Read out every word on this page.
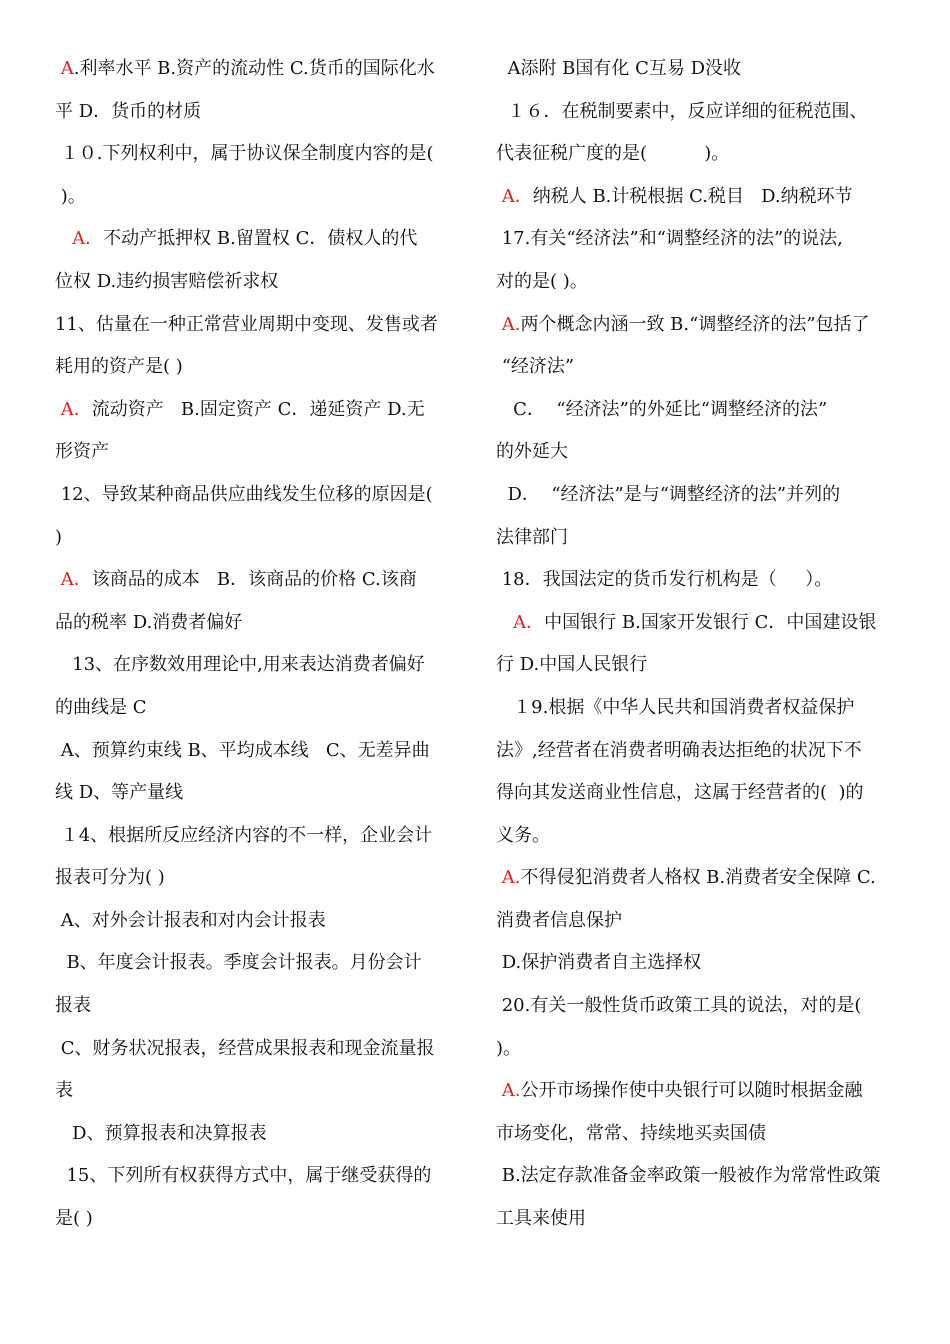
A.利率水平 B.资产的流动性 C.货币的国际化水
平 D．货币的材质
１０.下列权利中，属于协议保全制度内容的是(
)。
A．不动产抵押权 B.留置权 C．债权人的代
位权 D.违约损害赔偿祈求权
11、估量在一种正常营业周期中变现、发售或者
耗用的资产是( )
A．流动资产   B.固定资产 C．递延资产 D.无
形资产
12、导致某种商品供应曲线发生位移的原因是(
)
A．该商品的成本   B．该商品的价格 C.该商
品的税率 D.消费者偏好
13、在序数效用理论中,用来表达消费者偏好
的曲线是 C
A、预算约束线 B、平均成本线   C、无差异曲
线 D、等产量线
１4、根据所反应经济内容的不一样，企业会计
报表可分为( )
A、对外会计报表和对内会计报表
B、年度会计报表。季度会计报表。月份会计
报表
C、财务状况报表，经营成果报表和现金流量报
表
D、预算报表和决算报表
15、下列所有权获得方式中，属于继受获得的
是( )
A添附 B国有化 C互易 D没收
１６．在税制要素中，反应详细的征税范围、
代表征税广度的是(          )。
A．纳税人 B.计税根据 C.税目   D.纳税环节
17.有关“经济法”和“调整经济的法”的说法,
对的是( )。
A.两个概念内涵一致 B.“调整经济的法”包括了
“经济法”
C．  “经济法”的外延比“调整经济的法”
的外延大
D．  “经济法”是与“调整经济的法”并列的
法律部门
18．我国法定的货币发行机构是（     ）。
A．中国银行 B.国家开发银行 C．中国建设银
行 D.中国人民银行
１9.根据《中华人民共和国消费者权益保护
法》,经营者在消费者明确表达拒绝的状况下不
得向其发送商业性信息，这属于经营者的(  )的
义务。
A.不得侵犯消费者人格权 B.消费者安全保障 C.
消费者信息保护
D.保护消费者自主选择权
20.有关一般性货币政策工具的说法，对的是(
)。
A.公开市场操作使中央银行可以随时根据金融
市场变化，常常、持续地买卖国债
B.法定存款准备金率政策一般被作为常常性政策
工具来使用
